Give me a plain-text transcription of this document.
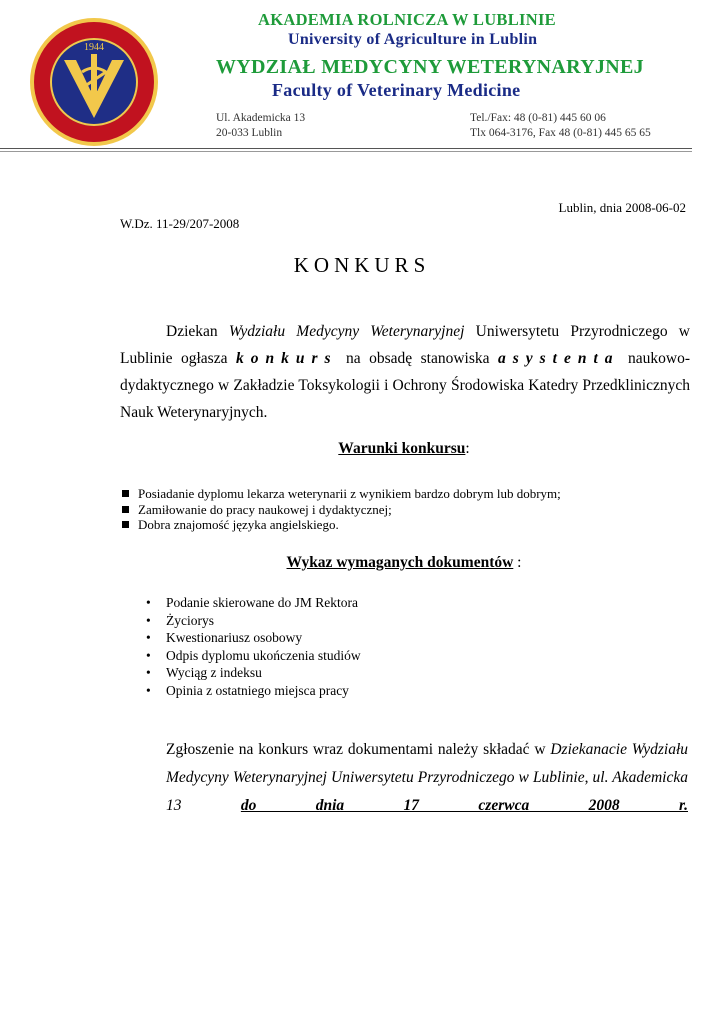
1944
AKADEMIA ROLNICZA W LUBLINIE
University of Agriculture in Lublin
WYDZIAŁ MEDYCYNY WETERYNARYJNEJ
Faculty of Veterinary Medicine
Ul. Akademicka 13
20-033 Lublin
Tel./Fax: 48 (0-81) 445 60 06
Tlx 064-3176, Fax 48 (0-81) 445 65 65
Lublin, dnia 2008-06-02
W.Dz. 11-29/207-2008
KONKURS
Dziekan Wydziału Medycyny Weterynaryjnej Uniwersytetu Przyrodniczego w Lublinie ogłasza konkurs na obsadę stanowiska asystenta naukowo-dydaktycznego w Zakładzie Toksykologii i Ochrony Środowiska Katedry Przedklinicznych Nauk Weterynaryjnych.
Warunki konkursu:
Posiadanie dyplomu lekarza weterynarii z wynikiem bardzo dobrym lub dobrym;
Zamiłowanie do pracy naukowej i dydaktycznej;
Dobra znajomość języka angielskiego.
Wykaz wymaganych dokumentów :
• Podanie skierowane do JM Rektora
• Życiorys
• Kwestionariusz osobowy
• Odpis dyplomu ukończenia studiów
• Wyciąg z indeksu
• Opinia z ostatniego miejsca pracy
Zgłoszenie na konkurs wraz dokumentami należy składać w Dziekanacie Wydziału Medycyny Weterynaryjnej Uniwersytetu Przyrodniczego w Lublinie, ul. Akademicka 13	do dnia 17 czerwca 2008 r.
